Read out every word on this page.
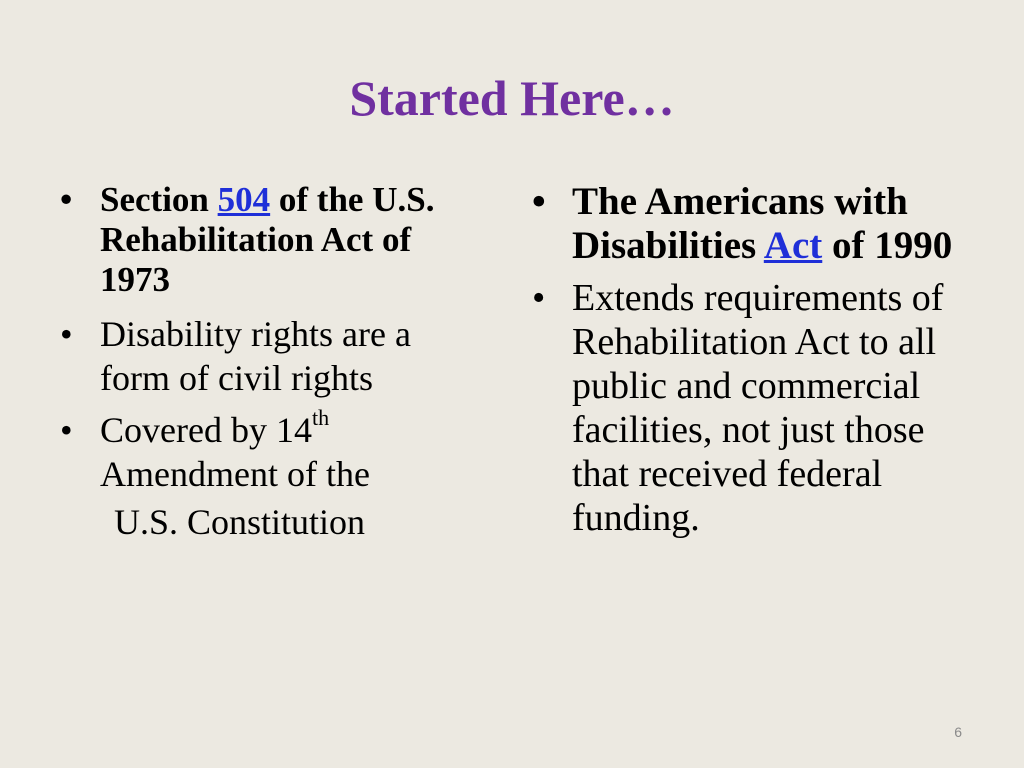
Started Here…
• Section 504 of the U.S. Rehabilitation Act of 1973
• Disability rights are a form of civil rights
• Covered by 14th Amendment of the
U.S. Constitution
• The Americans with Disabilities Act of 1990
• Extends requirements of Rehabilitation Act to all public and commercial facilities, not just those that received federal funding.
6
